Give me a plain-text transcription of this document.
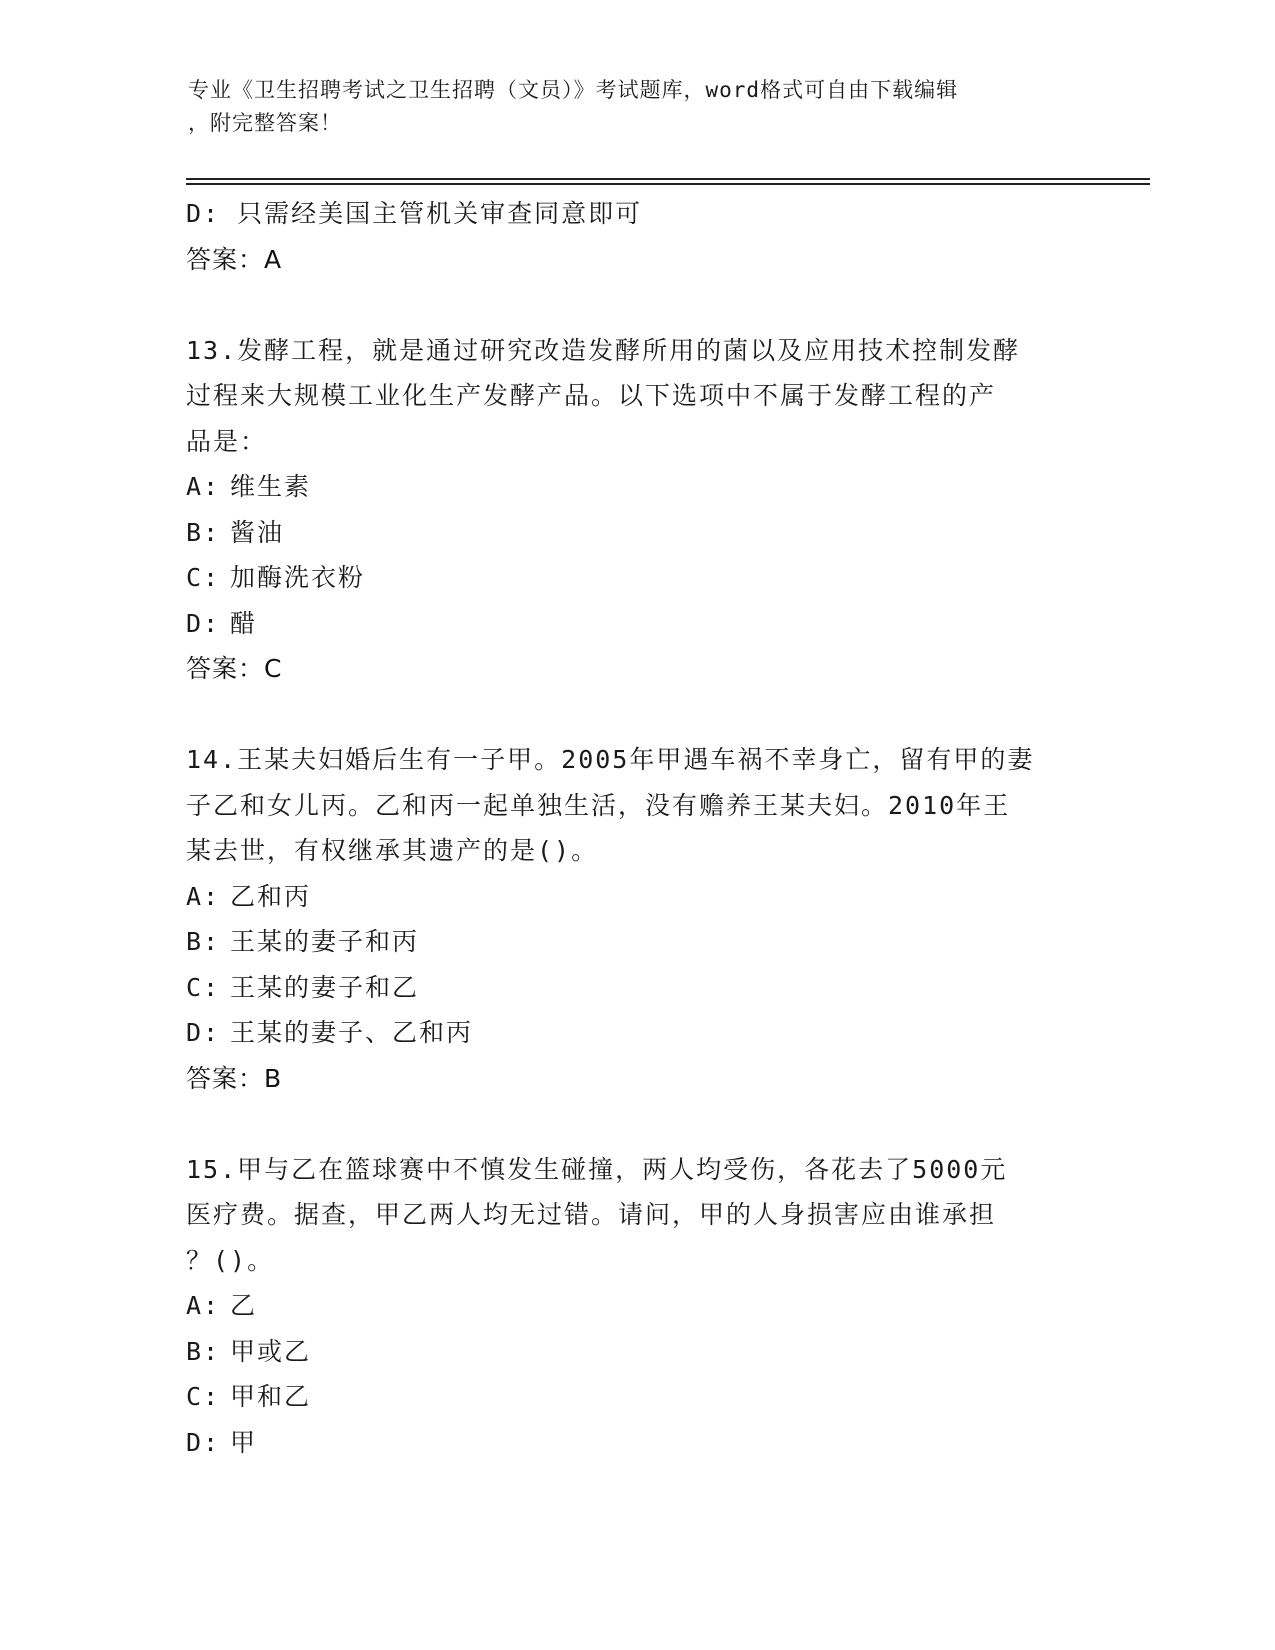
专业《卫生招聘考试之卫生招聘（文员）》考试题库，word格式可自由下载编辑
，附完整答案！
D: 只需经美国主管机关审查同意即可
答案：A
13.发酵工程，就是通过研究改造发酵所用的菌以及应用技术控制发酵
过程来大规模工业化生产发酵产品。以下选项中不属于发酵工程的产
品是：
A: 维生素
B: 酱油
C: 加酶洗衣粉
D: 醋
答案：C
14.王某夫妇婚后生有一子甲。2005年甲遇车祸不幸身亡，留有甲的妻
子乙和女儿丙。乙和丙一起单独生活，没有赡养王某夫妇。2010年王
某去世，有权继承其遗产的是()。
A: 乙和丙
B: 王某的妻子和丙
C: 王某的妻子和乙
D: 王某的妻子、乙和丙
答案：B
15.甲与乙在篮球赛中不慎发生碰撞，两人均受伤，各花去了5000元
医疗费。据查，甲乙两人均无过错。请问，甲的人身损害应由谁承担
？()。
A: 乙
B: 甲或乙
C: 甲和乙
D: 甲
